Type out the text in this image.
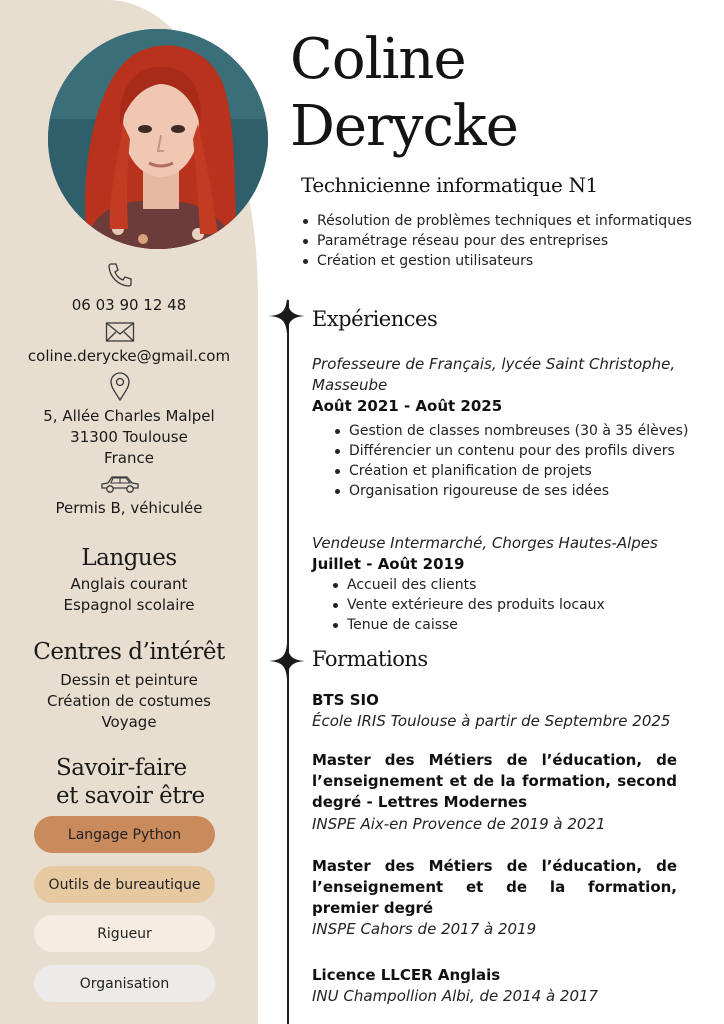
06 03 90 12 48
coline.derycke@gmail.com
5, Allée Charles Malpel
31300 Toulouse
France
Permis B, véhiculée
Langues
Anglais courant
Espagnol scolaire
Centres d’intérêt
Dessin et peinture
Création de costumes
Voyage
Savoir-faire
et savoir être
Langage Python
Outils de bureautique
Rigueur
Organisation
Coline
Derycke
Technicienne informatique N1
Résolution de problèmes techniques et informatiques
Paramétrage réseau pour des entreprises
Création et gestion utilisateurs
Expériences
Professeure de Français, lycée Saint Christophe,
Masseube
Août 2021 - Août 2025
Gestion de classes nombreuses (30 à 35 élèves)
Différencier un contenu pour des profils divers
Création et planification de projets
Organisation rigoureuse de ses idées
Vendeuse Intermarché, Chorges Hautes-Alpes
Juillet - Août 2019
Accueil des clients
Vente extérieure des produits locaux
Tenue de caisse
Formations
BTS SIO
École IRIS Toulouse à partir de Septembre 2025
Master des Métiers de l’éducation, de l’enseignement et de la formation, second degré - Lettres Modernes
INSPE Aix-en Provence de 2019 à 2021
Master des Métiers de l’éducation, de l’enseignement et de la formation, premier degré
INSPE Cahors de 2017 à 2019
Licence LLCER Anglais
INU Champollion Albi, de 2014 à 2017
